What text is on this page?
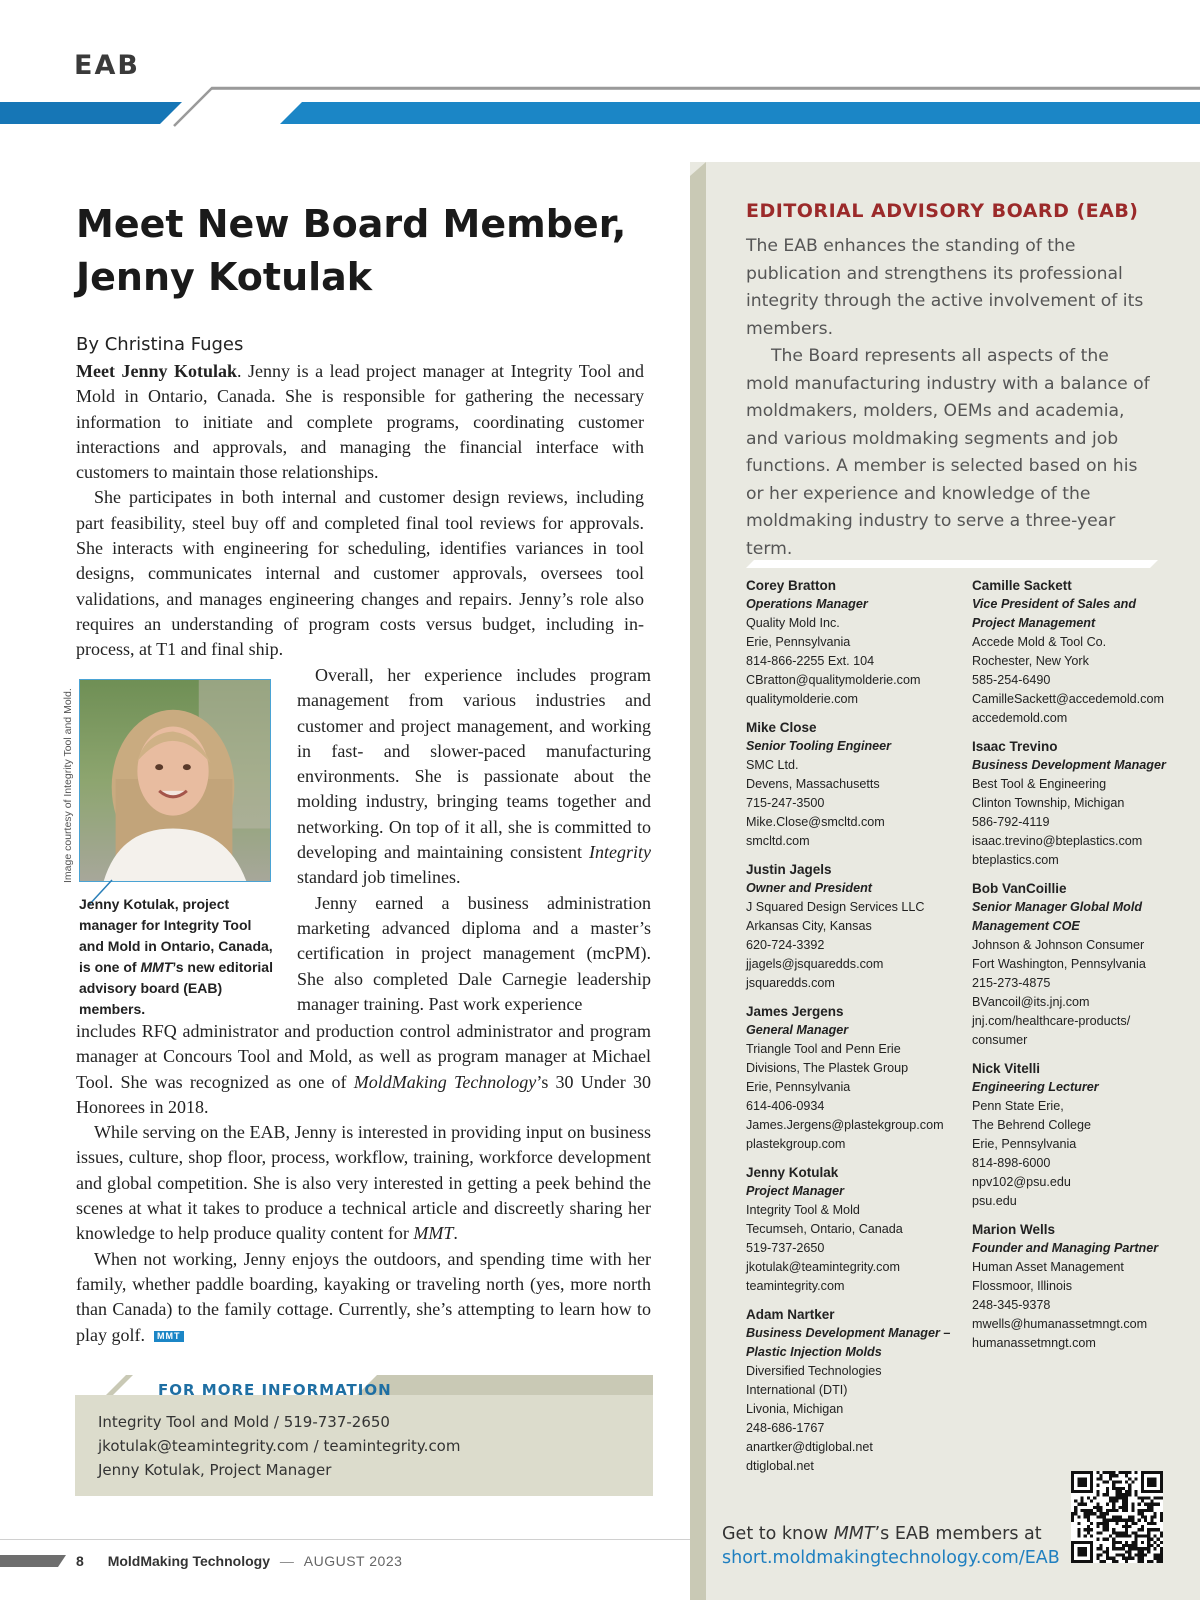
EAB
Meet New Board Member,
Jenny Kotulak
By Christina Fuges

Meet Jenny Kotulak. Jenny is a lead project manager at Integrity Tool and Mold in Ontario, Canada. She is responsible for gathering the necessary information to initiate and complete programs, coordinating customer interactions and approvals, and managing the financial interface with customers to maintain those relationships.

She participates in both internal and customer design reviews, including part feasibility, steel buy off and completed final tool reviews for approvals. She interacts with engineering for scheduling, identifies variances in tool designs, communicates internal and customer approvals, oversees tool validations, and manages engineering changes and repairs. Jenny’s role also requires an understanding of program costs versus budget, including in-process, at T1 and final ship.

Image courtesy of Integrity Tool and Mold.
Jenny Kotulak, project manager for Integrity Tool and Mold in Ontario, Canada, is one of MMT’s new editorial advisory board (EAB) members.

Overall, her experience includes program management from various industries and customer and project management, and working in fast- and slower-paced manufacturing environments. She is passionate about the molding industry, bringing teams together and networking. On top of it all, she is committed to developing and maintaining consistent Integrity standard job timelines.

Jenny earned a business administration marketing advanced diploma and a master’s certification in project management (mcPM). She also completed Dale Carnegie leadership manager training. Past work experience

includes RFQ administrator and production control administrator and program manager at Concours Tool and Mold, as well as program manager at Michael Tool. She was recognized as one of MoldMaking Technology’s 30 Under 30 Honorees in 2018.

While serving on the EAB, Jenny is interested in providing input on business issues, culture, shop floor, process, workflow, training, workforce development and global competition. She is also very interested in getting a peek behind the scenes at what it takes to produce a technical article and discreetly sharing her knowledge to help produce quality content for MMT.

When not working, Jenny enjoys the outdoors, and spending time with her family, whether paddle boarding, kayaking or traveling north (yes, more north than Canada) to the family cottage. Currently, she’s attempting to learn how to play golf. MMT

FOR MORE INFORMATION
Integrity Tool and Mold / 519-737-2650
jkotulak@teamintegrity.com / teamintegrity.com
Jenny Kotulak, Project Manager
8 MoldMaking Technology — AUGUST 2023
EDITORIAL ADVISORY BOARD (EAB)

The EAB enhances the standing of the publication and strengthens its professional integrity through the active involvement of its members.

The Board represents all aspects of the mold manufacturing industry with a balance of moldmakers, molders, OEMs and academia, and various moldmaking segments and job functions. A member is selected based on his or her experience and knowledge of the moldmaking industry to serve a three-year term.

Corey Bratton
Operations Manager
Quality Mold Inc.
Erie, Pennsylvania
814-866-2255 Ext. 104
CBratton@qualitymolderie.com
qualitymolderie.com
Mike Close
Senior Tooling Engineer
SMC Ltd.
Devens, Massachusetts
715-247-3500
Mike.Close@smcltd.com
smcltd.com
Justin Jagels
Owner and President
J Squared Design Services LLC
Arkansas City, Kansas
620-724-3392
jjagels@jsquaredds.com
jsquaredds.com
James Jergens
General Manager
Triangle Tool and Penn Erie
Divisions, The Plastek Group
Erie, Pennsylvania
614-406-0934
James.Jergens@plastekgroup.com
plastekgroup.com
Jenny Kotulak
Project Manager
Integrity Tool & Mold
Tecumseh, Ontario, Canada
519-737-2650
jkotulak@teamintegrity.com
teamintegrity.com
Adam Nartker
Business Development Manager –
Plastic Injection Molds
Diversified Technologies
International (DTI)
Livonia, Michigan
248-686-1767
anartker@dtiglobal.net
dtiglobal.net
Camille Sackett
Vice President of Sales and
Project Management
Accede Mold & Tool Co.
Rochester, New York
585-254-6490
CamilleSackett@accedemold.com
accedemold.com
Isaac Trevino
Business Development Manager
Best Tool & Engineering
Clinton Township, Michigan
586-792-4119
isaac.trevino@bteplastics.com
bteplastics.com
Bob VanCoillie
Senior Manager Global Mold
Management COE
Johnson & Johnson Consumer
Fort Washington, Pennsylvania
215-273-4875
BVancoil@its.jnj.com
jnj.com/healthcare-products/
consumer
Nick Vitelli
Engineering Lecturer
Penn State Erie,
The Behrend College
Erie, Pennsylvania
814-898-6000
npv102@psu.edu
psu.edu
Marion Wells
Founder and Managing Partner
Human Asset Management
Flossmoor, Illinois
248-345-9378
mwells@humanassetmngt.com
humanassetmngt.com
Get to know MMT’s EAB members at
short.moldmakingtechnology.com/EAB
